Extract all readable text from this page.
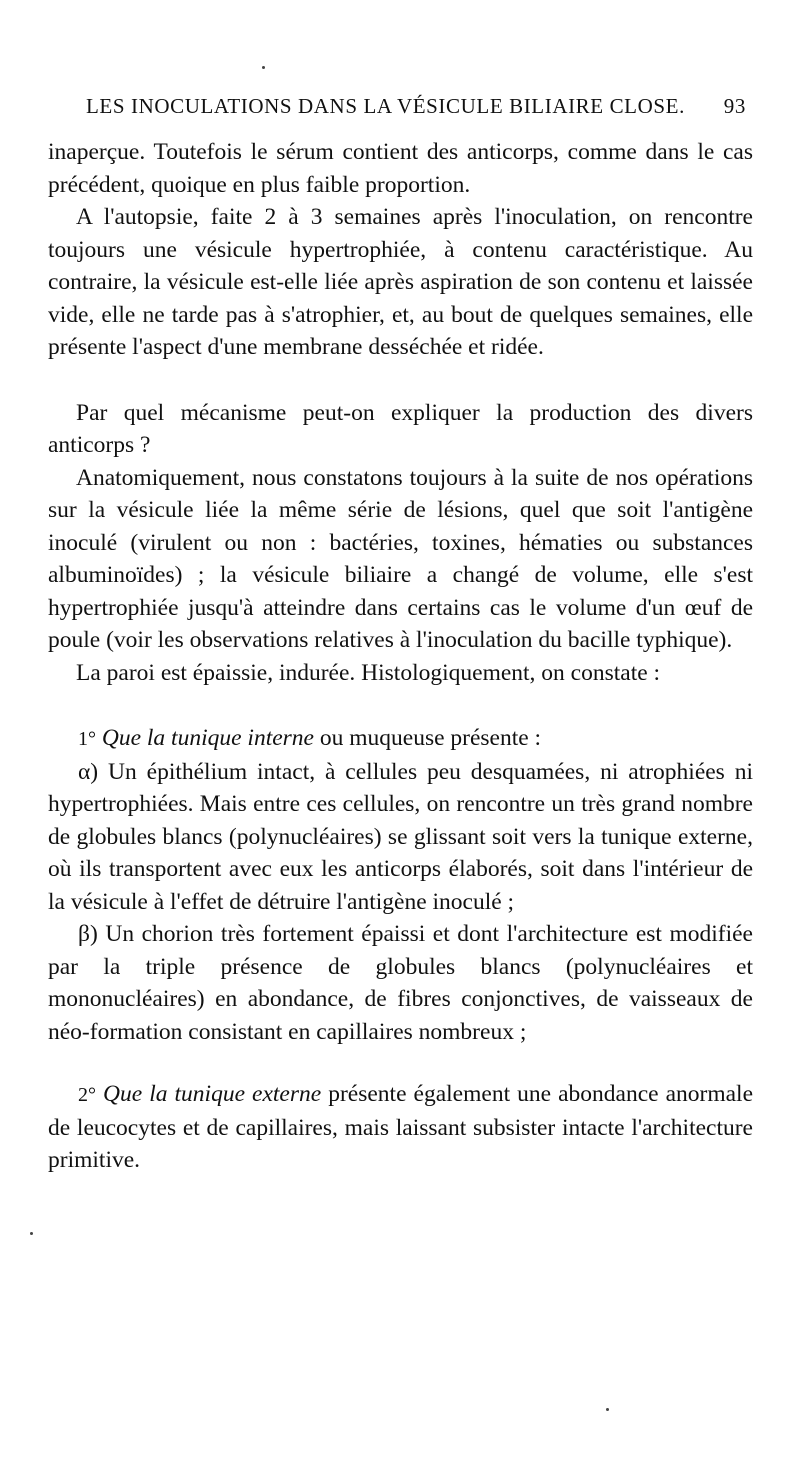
LES INOCULATIONS DANS LA VÉSICULE BILIAIRE CLOSE. 93

inaperçue. Toutefois le sérum contient des anticorps, comme dans le cas précédent, quoique en plus faible proportion.

A l'autopsie, faite 2 à 3 semaines après l'inoculation, on rencontre toujours une vésicule hypertrophiée, à contenu caractéristique. Au contraire, la vésicule est-elle liée après aspiration de son contenu et laissée vide, elle ne tarde pas à s'atrophier, et, au bout de quelques semaines, elle présente l'aspect d'une membrane desséchée et ridée.

Par quel mécanisme peut-on expliquer la production des divers anticorps ?

Anatomiquement, nous constatons toujours à la suite de nos opérations sur la vésicule liée la même série de lésions, quel que soit l'antigène inoculé (virulent ou non : bactéries, toxines, hématies ou substances albuminoïdes) ; la vésicule biliaire a changé de volume, elle s'est hypertrophiée jusqu'à atteindre dans certains cas le volume d'un œuf de poule (voir les observations relatives à l'inoculation du bacille typhique).

La paroi est épaissie, indurée. Histologiquement, on constate :

1° Que la tunique interne ou muqueuse présente :

α) Un épithélium intact, à cellules peu desquamées, ni atrophiées ni hypertrophiées. Mais entre ces cellules, on rencontre un très grand nombre de globules blancs (polynucléaires) se glissant soit vers la tunique externe, où ils transportent avec eux les anticorps élaborés, soit dans l'intérieur de la vésicule à l'effet de détruire l'antigène inoculé ;

β) Un chorion très fortement épaissi et dont l'architecture est modifiée par la triple présence de globules blancs (polynucléaires et mononucléaires) en abondance, de fibres conjonctives, de vaisseaux de néo-formation consistant en capillaires nombreux ;

2° Que la tunique externe présente également une abondance anormale de leucocytes et de capillaires, mais laissant subsister intacte l'architecture primitive.
